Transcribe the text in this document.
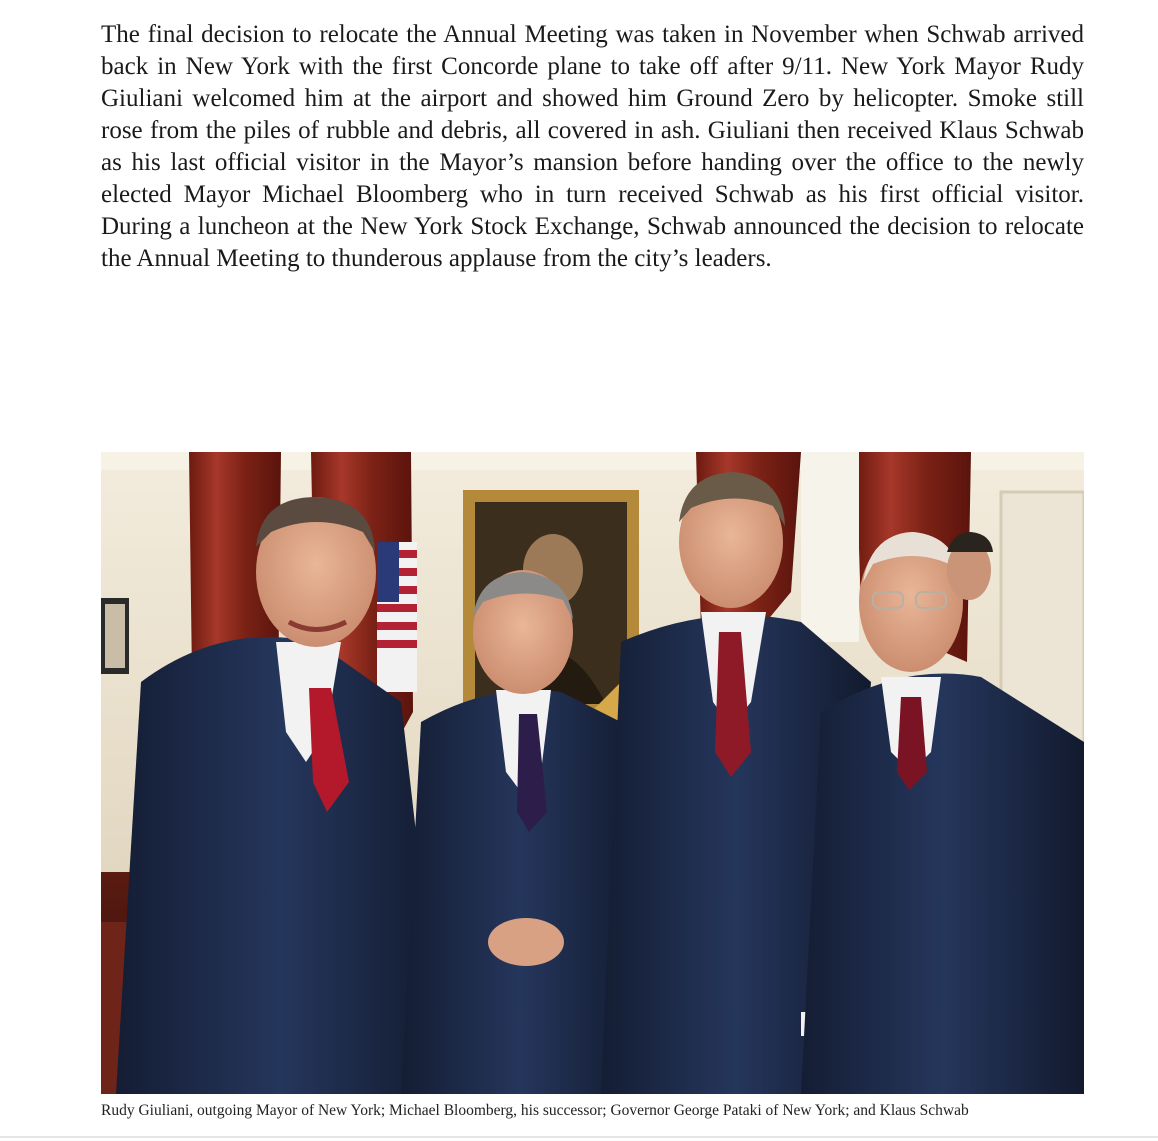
The final decision to relocate the Annual Meeting was taken in November when Schwab arrived back in New York with the first Concorde plane to take off after 9/11. New York Mayor Rudy Giuliani welcomed him at the airport and showed him Ground Zero by helicopter. Smoke still rose from the piles of rubble and debris, all covered in ash. Giuliani then received Klaus Schwab as his last official visitor in the Mayor’s mansion before handing over the office to the newly elected Mayor Michael Bloomberg who in turn received Schwab as his first official visitor. During a luncheon at the New York Stock Exchange, Schwab announced the decision to relocate the Annual Meeting to thunderous applause from the city’s leaders.

Rudy Giuliani, outgoing Mayor of New York; Michael Bloomberg, his successor; Governor George Pataki of New York; and Klaus Schwab
